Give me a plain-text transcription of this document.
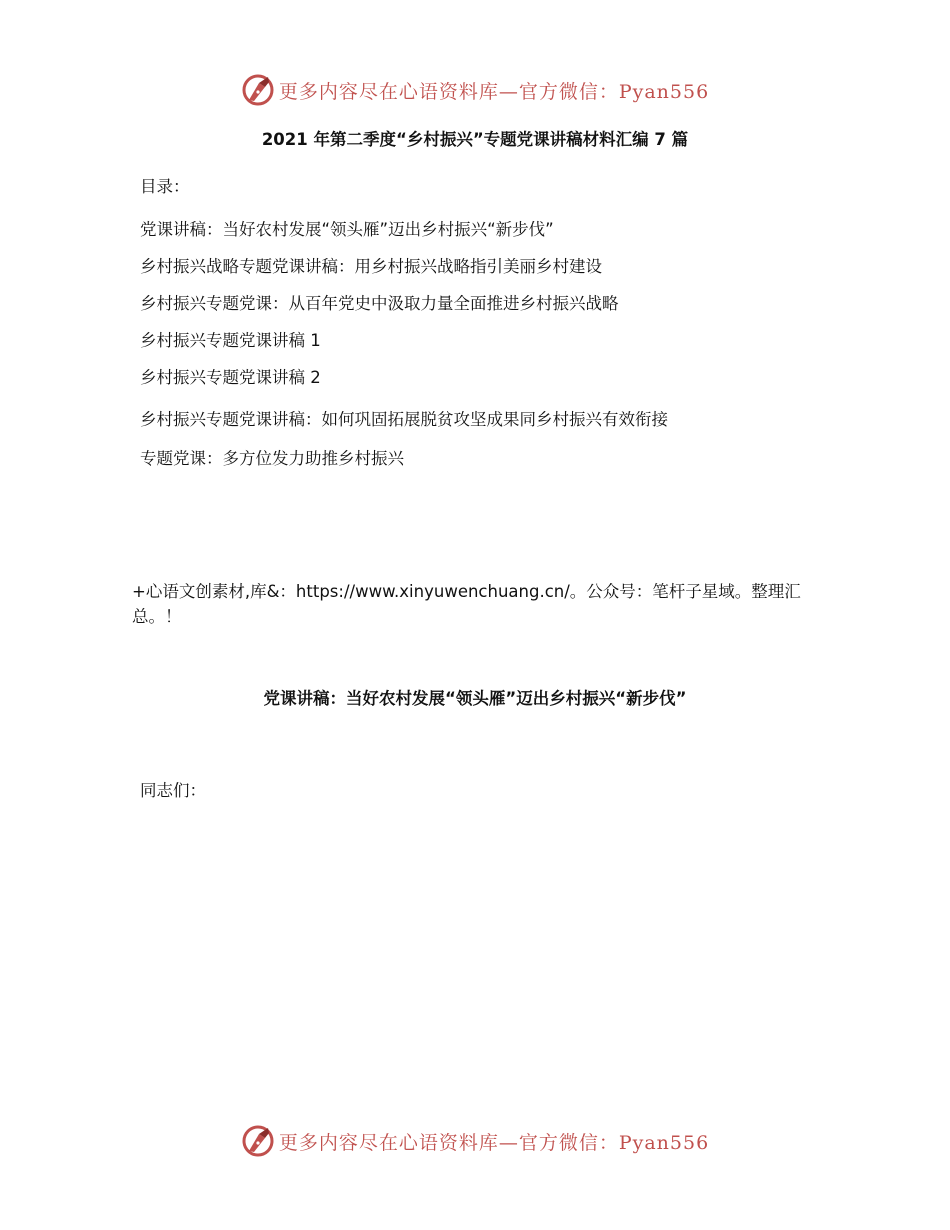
更多内容尽在心语资料库—官方微信：Pyan556
2021 年第二季度“乡村振兴”专题党课讲稿材料汇编 7 篇

目录：

党课讲稿：当好农村发展“领头雁”迈出乡村振兴“新步伐”
乡村振兴战略专题党课讲稿：用乡村振兴战略指引美丽乡村建设
乡村振兴专题党课：从百年党史中汲取力量全面推进乡村振兴战略
乡村振兴专题党课讲稿 1
乡村振兴专题党课讲稿 2
乡村振兴专题党课讲稿：如何巩固拓展脱贫攻坚成果同乡村振兴有效衔接
专题党课：多方位发力助推乡村振兴

+心语文创素材,库&：https://www.xinyuwenchuang.cn/。公众号：笔杆子星域。整理汇总。！

党课讲稿：当好农村发展“领头雁”迈出乡村振兴“新步伐”

同志们：

更多内容尽在心语资料库—官方微信：Pyan556
